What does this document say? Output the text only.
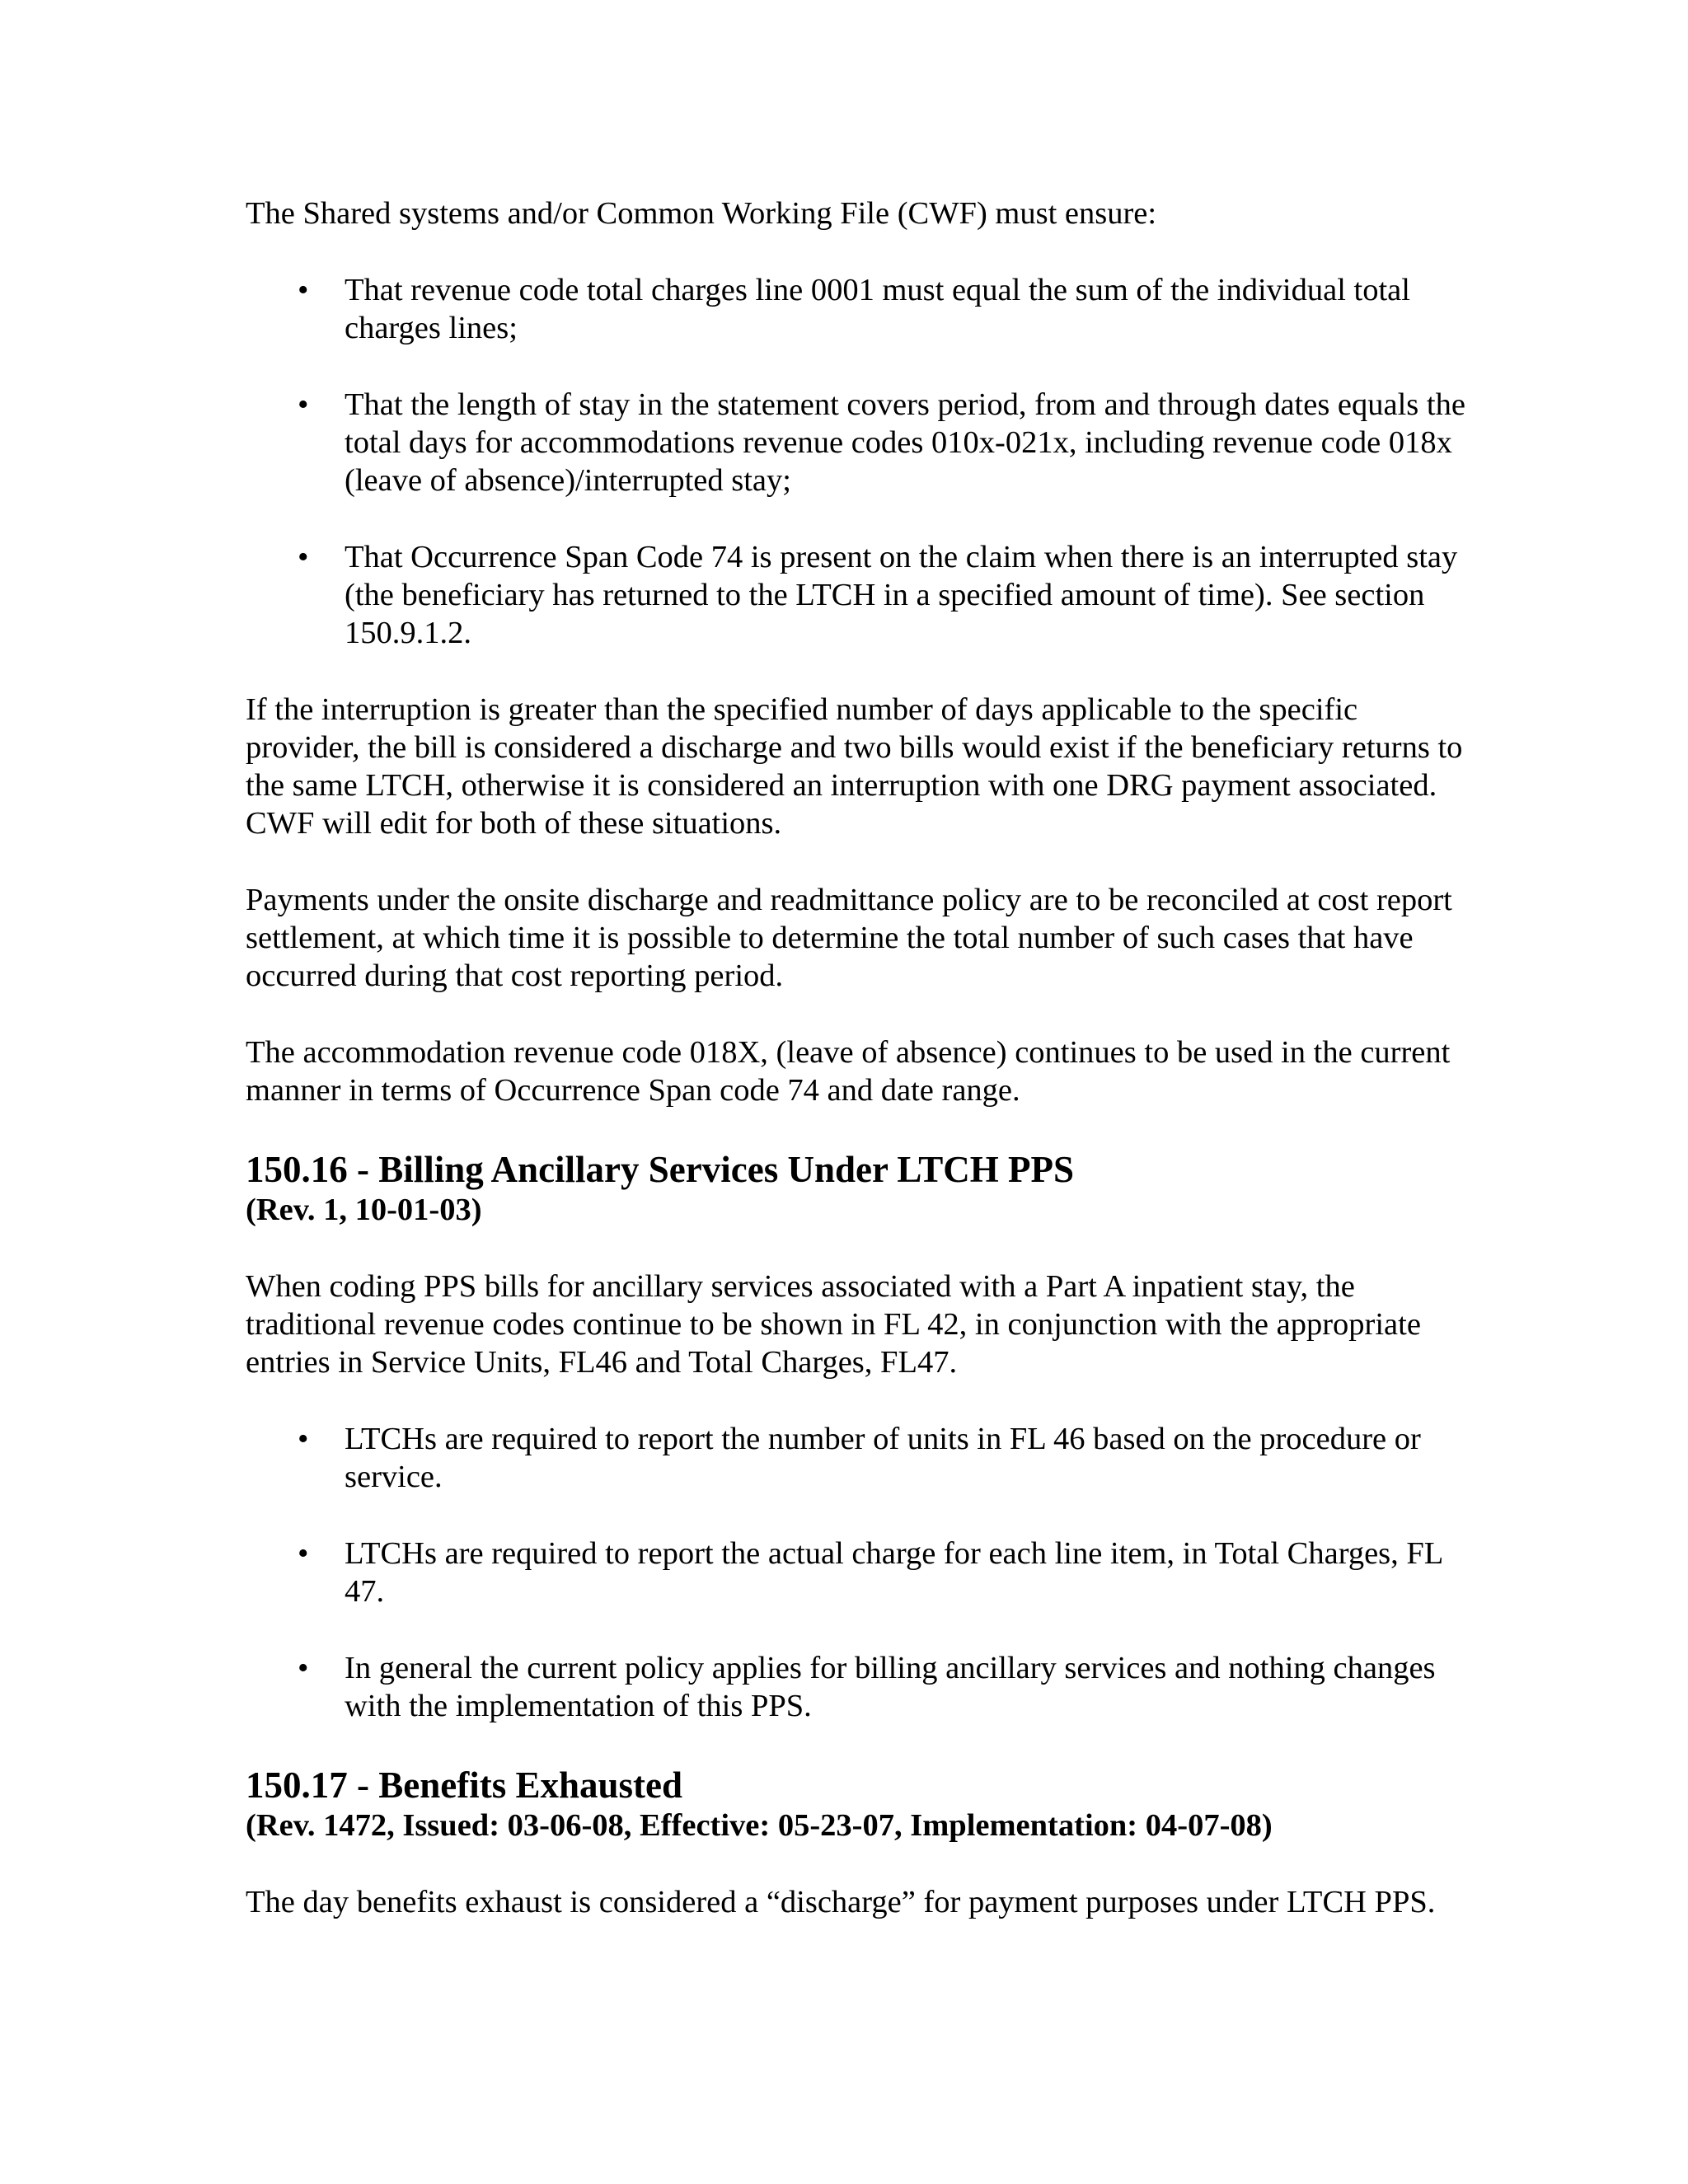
The Shared systems and/or Common Working File (CWF) must ensure:

• That revenue code total charges line 0001 must equal the sum of the individual total charges lines;
• That the length of stay in the statement covers period, from and through dates equals the total days for accommodations revenue codes 010x-021x, including revenue code 018x (leave of absence)/interrupted stay;
• That Occurrence Span Code 74 is present on the claim when there is an interrupted stay (the beneficiary has returned to the LTCH in a specified amount of time). See section 150.9.1.2.

If the interruption is greater than the specified number of days applicable to the specific provider, the bill is considered a discharge and two bills would exist if the beneficiary returns to the same LTCH, otherwise it is considered an interruption with one DRG payment associated. CWF will edit for both of these situations.

Payments under the onsite discharge and readmittance policy are to be reconciled at cost report settlement, at which time it is possible to determine the total number of such cases that have occurred during that cost reporting period.

The accommodation revenue code 018X, (leave of absence) continues to be used in the current manner in terms of Occurrence Span code 74 and date range.

150.16 - Billing Ancillary Services Under LTCH PPS

(Rev. 1, 10-01-03)

When coding PPS bills for ancillary services associated with a Part A inpatient stay, the traditional revenue codes continue to be shown in FL 42, in conjunction with the appropriate entries in Service Units, FL46 and Total Charges, FL47.

• LTCHs are required to report the number of units in FL 46 based on the procedure or service.
• LTCHs are required to report the actual charge for each line item, in Total Charges, FL 47.
• In general the current policy applies for billing ancillary services and nothing changes with the implementation of this PPS.
150.17 - Benefits Exhausted

(Rev. 1472, Issued: 03-06-08, Effective: 05-23-07, Implementation: 04-07-08)

The day benefits exhaust is considered a “discharge” for payment purposes under LTCH PPS.
